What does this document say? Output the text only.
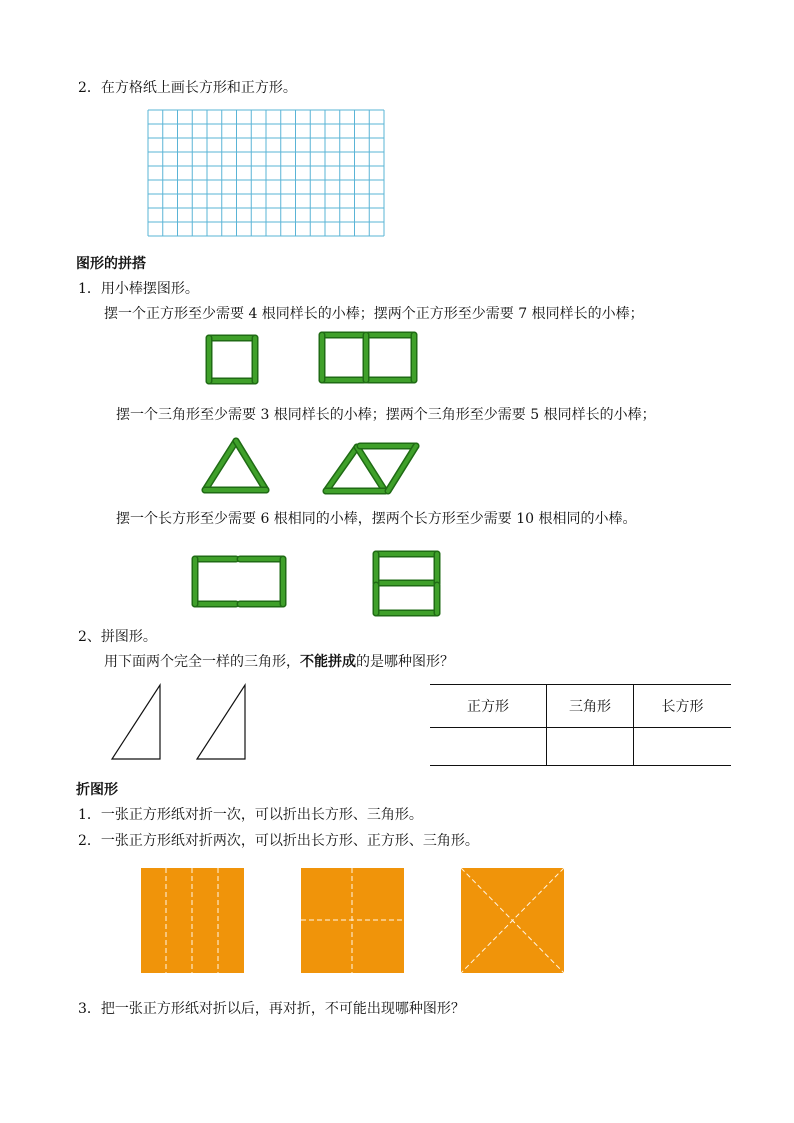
2．在方格纸上画长方形和正方形。
图形的拼搭
1．用小棒摆图形。
摆一个正方形至少需要 4 根同样长的小棒；摆两个正方形至少需要 7 根同样长的小棒；
摆一个三角形至少需要 3 根同样长的小棒；摆两个三角形至少需要 5 根同样长的小棒；
摆一个长方形至少需要 6 根相同的小棒，摆两个长方形至少需要 10 根相同的小棒。
2、拼图形。
用下面两个完全一样的三角形，不能拼成的是哪种图形？
正方形	三角形	长方形

折图形
1．一张正方形纸对折一次，可以折出长方形、三角形。
2．一张正方形纸对折两次，可以折出长方形、正方形、三角形。
3．把一张正方形纸对折以后，再对折，不可能出现哪种图形？
